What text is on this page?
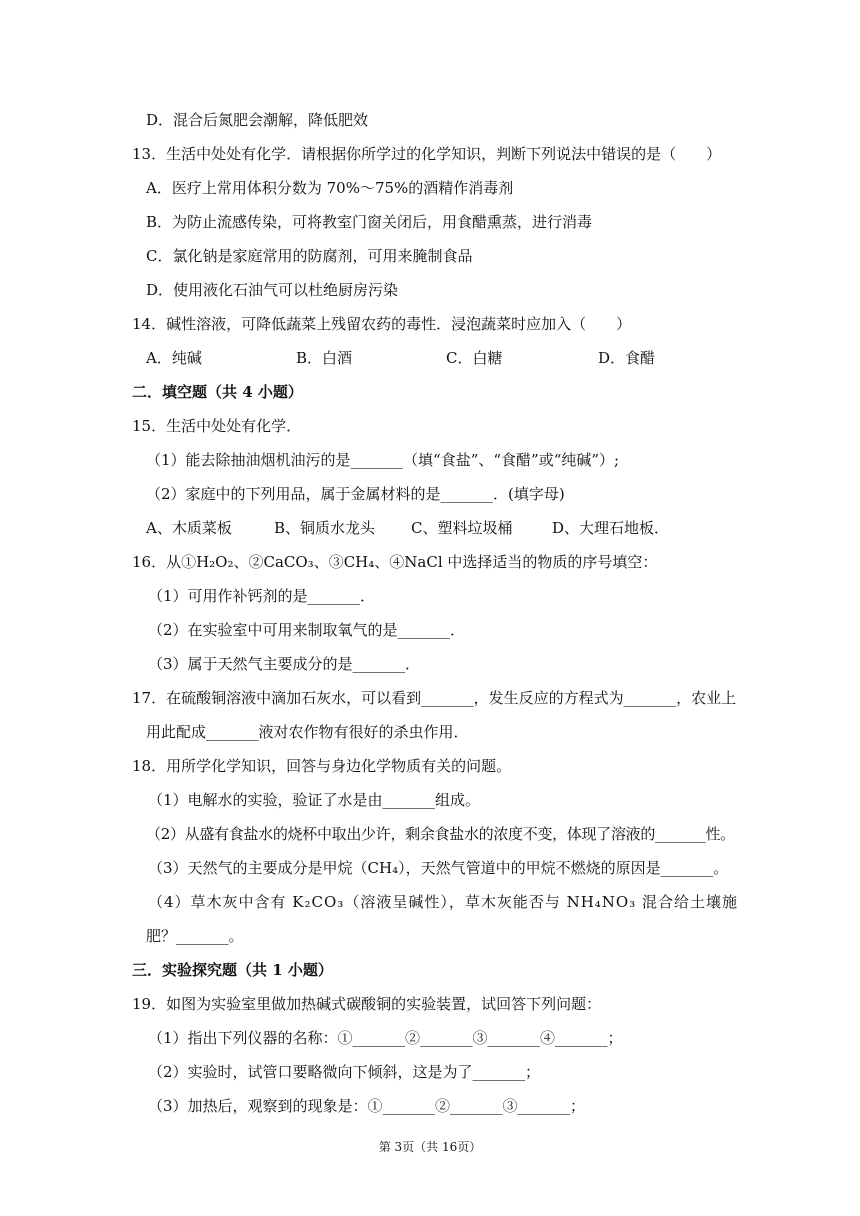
D．混合后氮肥会潮解，降低肥效
13．生活中处处有化学．请根据你所学过的化学知识，判断下列说法中错误的是（　　）
A．医疗上常用体积分数为 70%～75%的酒精作消毒剂
B．为防止流感传染，可将教室门窗关闭后，用食醋熏蒸，进行消毒
C．氯化钠是家庭常用的防腐剂，可用来腌制食品
D．使用液化石油气可以杜绝厨房污染
14．碱性溶液，可降低蔬菜上残留农药的毒性．浸泡蔬菜时应加入（　　）
A．纯碱	B．白酒	C．白糖	D．食醋
二．填空题（共 4 小题）
15．生活中处处有化学．
（1）能去除抽油烟机油污的是_______（填“食盐”、“食醋”或“纯碱”）;
（2）家庭中的下列用品，属于金属材料的是_______．(填字母)
A、木质菜板	B、铜质水龙头 C、塑料垃圾桶	D、大理石地板．
16．从①H₂O₂、②CaCO₃、③CH₄、④NaCl 中选择适当的物质的序号填空：
（1）可用作补钙剂的是_______．
（2）在实验室中可用来制取氧气的是_______．
（3）属于天然气主要成分的是_______．
17．在硫酸铜溶液中滴加石灰水，可以看到_______，发生反应的方程式为_______，农业上
用此配成_______液对农作物有很好的杀虫作用．
18．用所学化学知识，回答与身边化学物质有关的问题。
（1）电解水的实验，验证了水是由_______组成。
（2）从盛有食盐水的烧杯中取出少许，剩余食盐水的浓度不变，体现了溶液的_______性。
（3）天然气的主要成分是甲烷（CH₄），天然气管道中的甲烷不燃烧的原因是_______。
（4）草木灰中含有 K₂CO₃（溶液呈碱性），草木灰能否与 NH₄NO₃ 混合给土壤施
肥？_______。
三．实验探究题（共 1 小题）
19．如图为实验室里做加热碱式碳酸铜的实验装置，试回答下列问题：
（1）指出下列仪器的名称：①_______②_______③_______④_______；
（2）实验时，试管口要略微向下倾斜，这是为了_______；
（3）加热后，观察到的现象是：①_______②_______③_______；
第 3页（共 16页）
